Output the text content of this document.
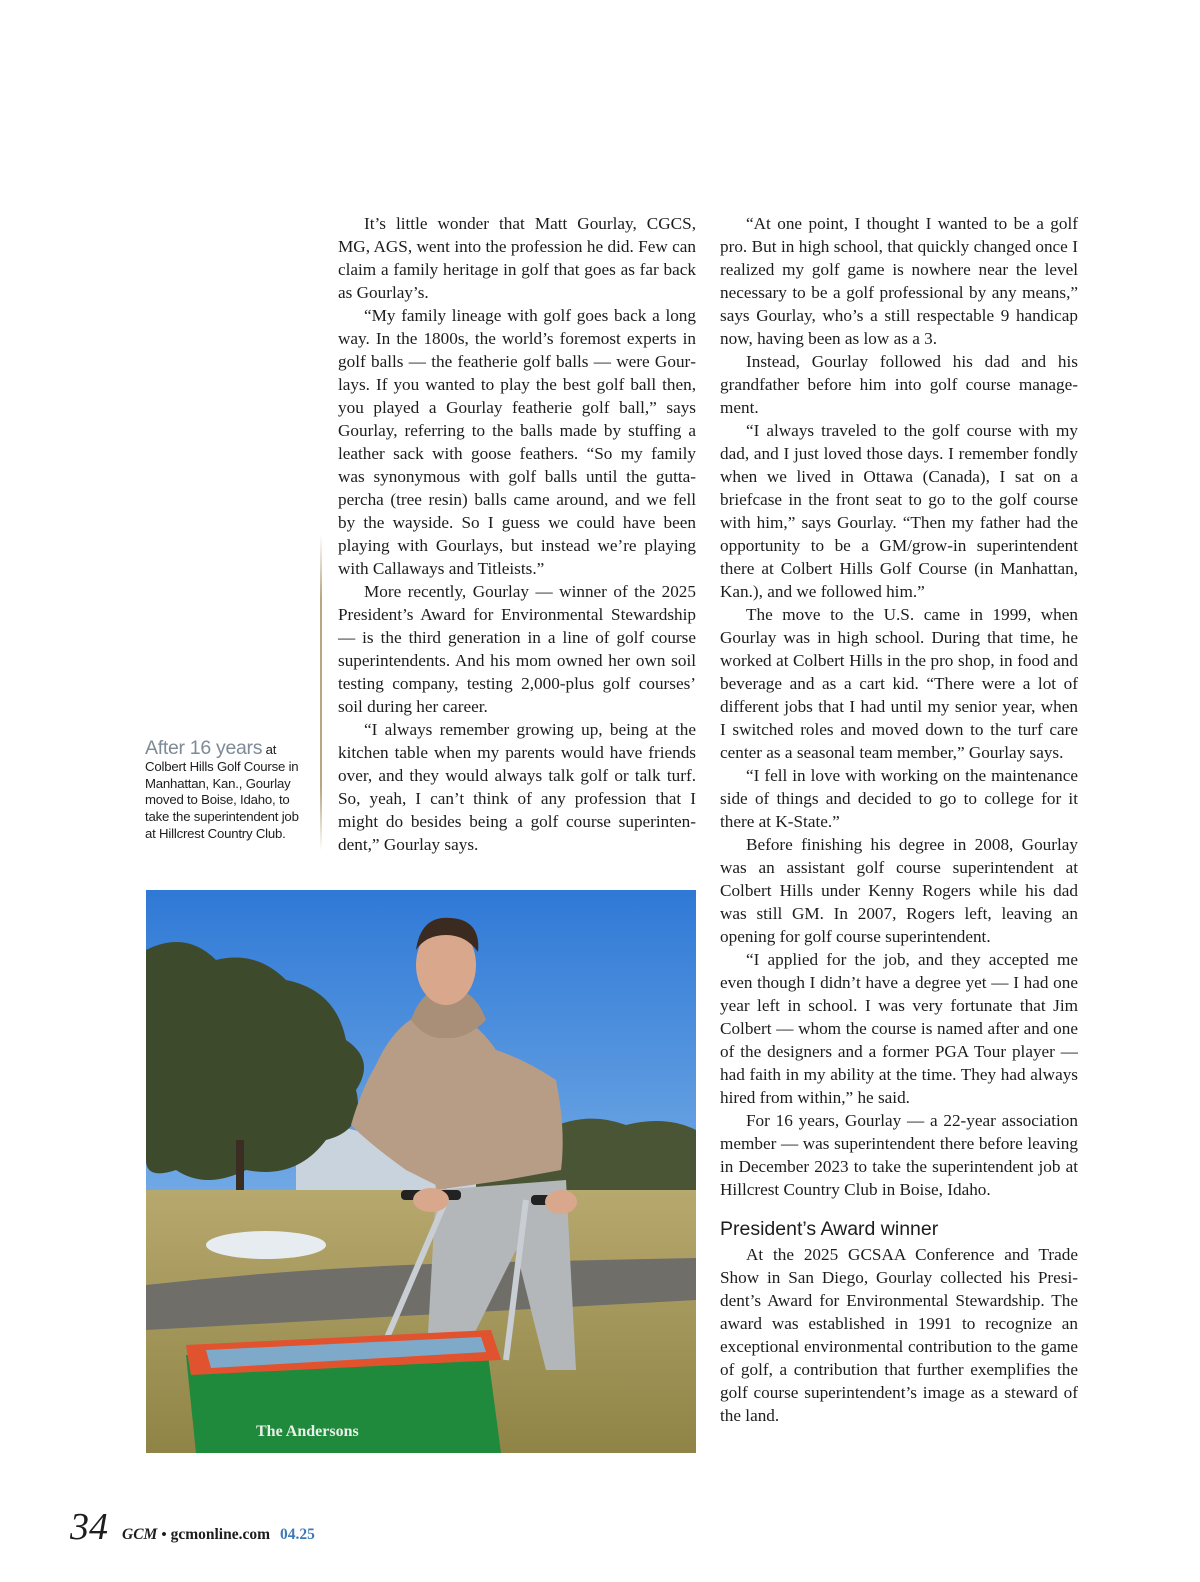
After 16 years at Colbert Hills Golf Course in Manhattan, Kan., Gourlay moved to Boise, Idaho, to take the superintendent job at Hillcrest Country Club.

It’s little wonder that Matt Gourlay, CGCS, MG, AGS, went into the profession he did. Few can claim a family heritage in golf that goes as far back as Gourlay’s.

“My family lineage with golf goes back a long way. In the 1800s, the world’s foremost experts in golf balls — the featherie golf balls — were Gourlays. If you wanted to play the best golf ball then, you played a Gourlay featherie golf ball,” says Gourlay, referring to the balls made by stuffing a leather sack with goose feathers. “So my family was synonymous with golf balls until the gutta-percha (tree resin) balls came around, and we fell by the wayside. So I guess we could have been playing with Gourlays, but instead we’re playing with Callaways and Titleists.”

More recently, Gourlay — winner of the 2025 President’s Award for Environmental Stewardship — is the third generation in a line of golf course superintendents. And his mom owned her own soil testing company, testing 2,000-plus golf courses’ soil during her career.

“I always remember growing up, being at the kitchen table when my parents would have friends over, and they would always talk golf or talk turf. So, yeah, I can’t think of any profession that I might do besides being a golf course superintendent,” Gourlay says.

“At one point, I thought I wanted to be a golf pro. But in high school, that quickly changed once I realized my golf game is nowhere near the level necessary to be a golf professional by any means,” says Gourlay, who’s a still respectable 9 handicap now, having been as low as a 3.

Instead, Gourlay followed his dad and his grandfather before him into golf course management.

“I always traveled to the golf course with my dad, and I just loved those days. I remember fondly when we lived in Ottawa (Canada), I sat on a briefcase in the front seat to go to the golf course with him,” says Gourlay. “Then my father had the opportunity to be a GM/grow-in superintendent there at Colbert Hills Golf Course (in Manhattan, Kan.), and we followed him.”

The move to the U.S. came in 1999, when Gourlay was in high school. During that time, he worked at Colbert Hills in the pro shop, in food and beverage and as a cart kid. “There were a lot of different jobs that I had until my senior year, when I switched roles and moved down to the turf care center as a seasonal team member,” Gourlay says.

“I fell in love with working on the maintenance side of things and decided to go to college for it there at K-State.”

Before finishing his degree in 2008, Gourlay was an assistant golf course superintendent at Colbert Hills under Kenny Rogers while his dad was still GM. In 2007, Rogers left, leaving an opening for golf course superintendent.

“I applied for the job, and they accepted me even though I didn’t have a degree yet — I had one year left in school. I was very fortunate that Jim Colbert — whom the course is named after and one of the designers and a former PGA Tour player — had faith in my ability at the time. They had always hired from within,” he said.

For 16 years, Gourlay — a 22-year association member — was superintendent there before leaving in December 2023 to take the superintendent job at Hillcrest Country Club in Boise, Idaho.

President’s Award winner

At the 2025 GCSAA Conference and Trade Show in San Diego, Gourlay collected his President’s Award for Environmental Stewardship. The award was established in 1991 to recognize an exceptional environmental contribution to the game of golf, a contribution that further exemplifies the golf course superintendent’s image as a steward of the land.

The Andersons
34 GCM • gcmonline.com 04.25
